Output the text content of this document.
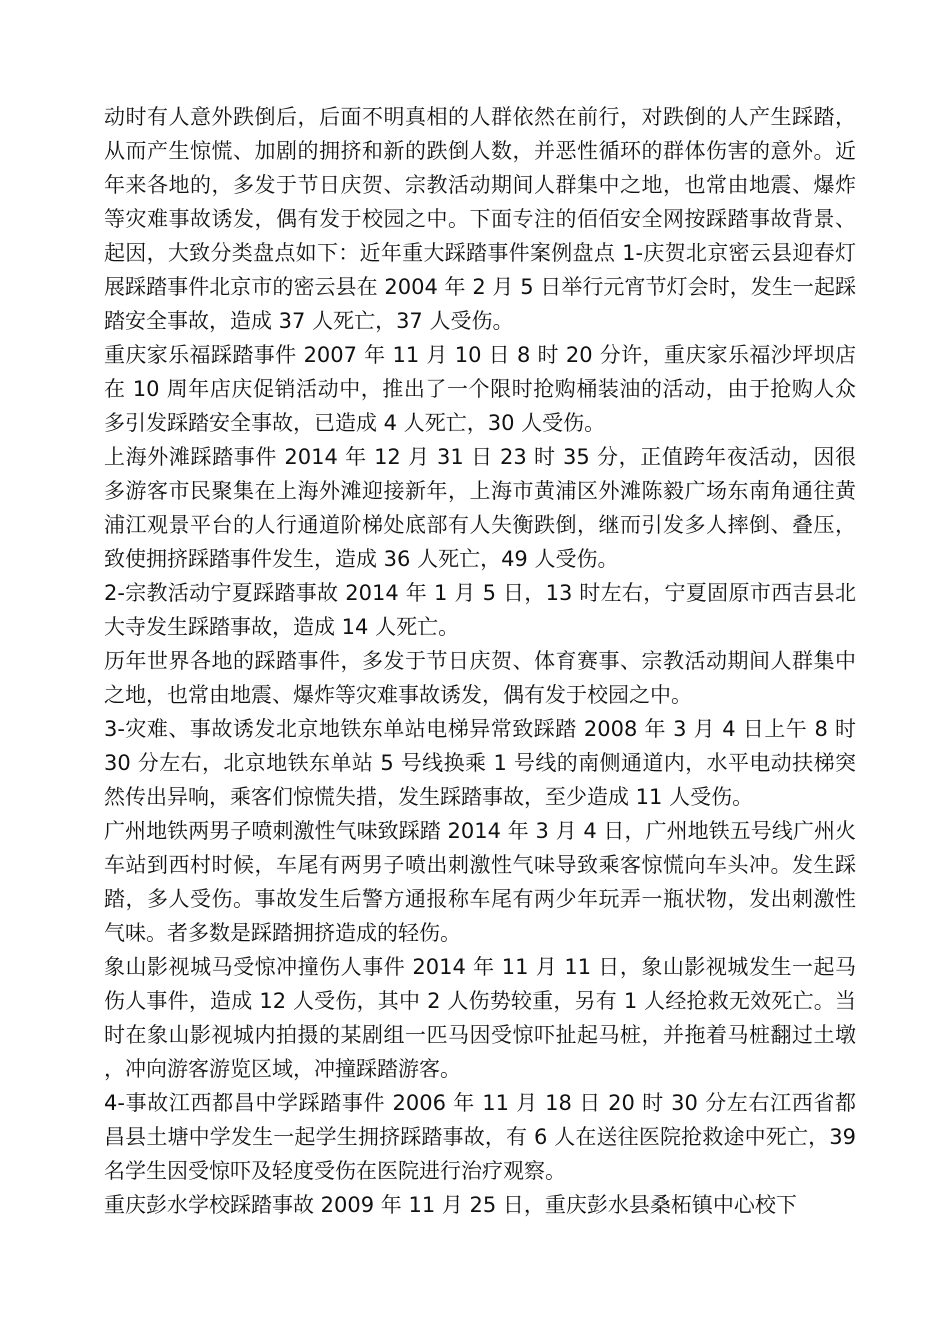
动时有人意外跌倒后，后面不明真相的人群依然在前行，对跌倒的人产生踩踏，从而产生惊慌、加剧的拥挤和新的跌倒人数，并恶性循环的群体伤害的意外。近年来各地的，多发于节日庆贺、宗教活动期间人群集中之地，也常由地震、爆炸等灾难事故诱发，偶有发于校园之中。下面专注的佰佰安全网按踩踏事故背景、起因，大致分类盘点如下：近年重大踩踏事件案例盘点 1-庆贺北京密云县迎春灯展踩踏事件北京市的密云县在 2004 年 2 月 5 日举行元宵节灯会时，发生一起踩踏安全事故，造成 37 人死亡，37 人受伤。

重庆家乐福踩踏事件 2007 年 11 月 10 日 8 时 20 分许，重庆家乐福沙坪坝店在 10 周年店庆促销活动中，推出了一个限时抢购桶装油的活动，由于抢购人众多引发踩踏安全事故，已造成 4 人死亡，30 人受伤。

上海外滩踩踏事件 2014 年 12 月 31 日 23 时 35 分，正值跨年夜活动，因很多游客市民聚集在上海外滩迎接新年，上海市黄浦区外滩陈毅广场东南角通往黄浦江观景平台的人行通道阶梯处底部有人失衡跌倒，继而引发多人摔倒、叠压，致使拥挤踩踏事件发生，造成 36 人死亡，49 人受伤。

2-宗教活动宁夏踩踏事故 2014 年 1 月 5 日，13 时左右，宁夏固原市西吉县北大寺发生踩踏事故，造成 14 人死亡。

历年世界各地的踩踏事件，多发于节日庆贺、体育赛事、宗教活动期间人群集中之地，也常由地震、爆炸等灾难事故诱发，偶有发于校园之中。

3-灾难、事故诱发北京地铁东单站电梯异常致踩踏 2008 年 3 月 4 日上午 8 时 30 分左右，北京地铁东单站 5 号线换乘 1 号线的南侧通道内，水平电动扶梯突然传出异响，乘客们惊慌失措，发生踩踏事故，至少造成 11 人受伤。

广州地铁两男子喷刺激性气味致踩踏 2014 年 3 月 4 日，广州地铁五号线广州火车站到西村时候，车尾有两男子喷出刺激性气味导致乘客惊慌向车头冲。发生踩踏，多人受伤。事故发生后警方通报称车尾有两少年玩弄一瓶状物，发出刺激性气味。者多数是踩踏拥挤造成的轻伤。

象山影视城马受惊冲撞伤人事件 2014 年 11 月 11 日，象山影视城发生一起马伤人事件，造成 12 人受伤，其中 2 人伤势较重，另有 1 人经抢救无效死亡。当时在象山影视城内拍摄的某剧组一匹马因受惊吓扯起马桩，并拖着马桩翻过土墩，冲向游客游览区域，冲撞踩踏游客。

4-事故江西都昌中学踩踏事件 2006 年 11 月 18 日 20 时 30 分左右江西省都昌县土塘中学发生一起学生拥挤踩踏事故，有 6 人在送往医院抢救途中死亡，39 名学生因受惊吓及轻度受伤在医院进行治疗观察。

重庆彭水学校踩踏事故 2009 年 11 月 25 日，重庆彭水县桑柘镇中心校下
